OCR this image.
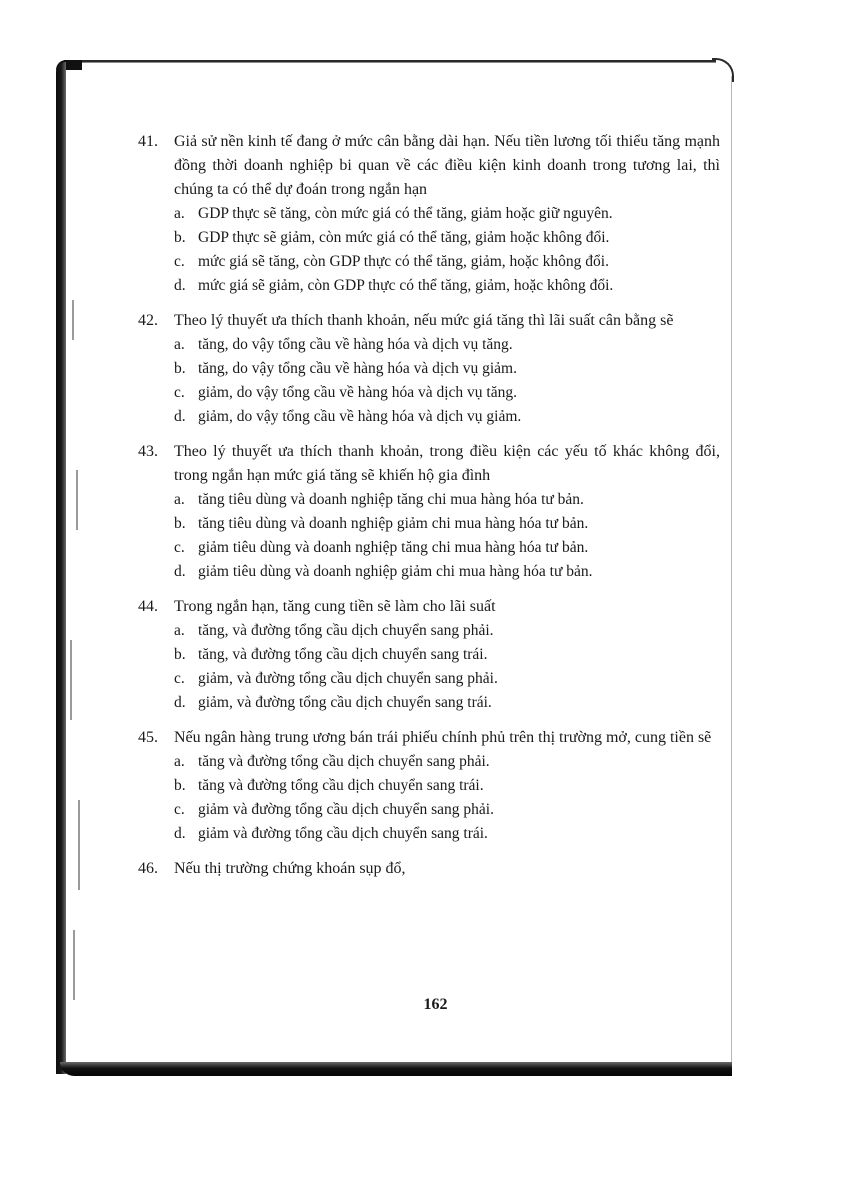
41.	Giả sử nền kinh tế đang ở mức cân bằng dài hạn. Nếu tiền lương tối thiểu tăng mạnh đồng thời doanh nghiệp bi quan về các điều kiện kinh doanh trong tương lai, thì chúng ta có thể dự đoán trong ngắn hạn
a. GDP thực sẽ tăng, còn mức giá có thể tăng, giảm hoặc giữ nguyên.
b. GDP thực sẽ giảm, còn mức giá có thể tăng, giảm hoặc không đổi.
c. mức giá sẽ tăng, còn GDP thực có thể tăng, giảm, hoặc không đổi.
d. mức giá sẽ giảm, còn GDP thực có thể tăng, giảm, hoặc không đổi.
42.	Theo lý thuyết ưa thích thanh khoản, nếu mức giá tăng thì lãi suất cân bằng sẽ
a. tăng, do vậy tổng cầu về hàng hóa và dịch vụ tăng.
b. tăng, do vậy tổng cầu về hàng hóa và dịch vụ giảm.
c. giảm, do vậy tổng cầu về hàng hóa và dịch vụ tăng.
d. giảm, do vậy tổng cầu về hàng hóa và dịch vụ giảm.
43.	Theo lý thuyết ưa thích thanh khoản, trong điều kiện các yếu tố khác không đổi, trong ngắn hạn mức giá tăng sẽ khiến hộ gia đình
a. tăng tiêu dùng và doanh nghiệp tăng chi mua hàng hóa tư bản.
b. tăng tiêu dùng và doanh nghiệp giảm chi mua hàng hóa tư bản.
c. giảm tiêu dùng và doanh nghiệp tăng chi mua hàng hóa tư bản.
d. giảm tiêu dùng và doanh nghiệp giảm chi mua hàng hóa tư bản.
44.	Trong ngắn hạn, tăng cung tiền sẽ làm cho lãi suất
a. tăng, và đường tổng cầu dịch chuyển sang phải.
b. tăng, và đường tổng cầu dịch chuyển sang trái.
c. giảm, và đường tổng cầu dịch chuyển sang phải.
d. giảm, và đường tổng cầu dịch chuyển sang trái.
45.	Nếu ngân hàng trung ương bán trái phiếu chính phủ trên thị trường mở, cung tiền sẽ
a. tăng và đường tổng cầu dịch chuyển sang phải.
b. tăng và đường tổng cầu dịch chuyển sang trái.
c. giảm và đường tổng cầu dịch chuyển sang phải.
d. giảm và đường tổng cầu dịch chuyển sang trái.
46.	Nếu thị trường chứng khoán sụp đổ,
162
